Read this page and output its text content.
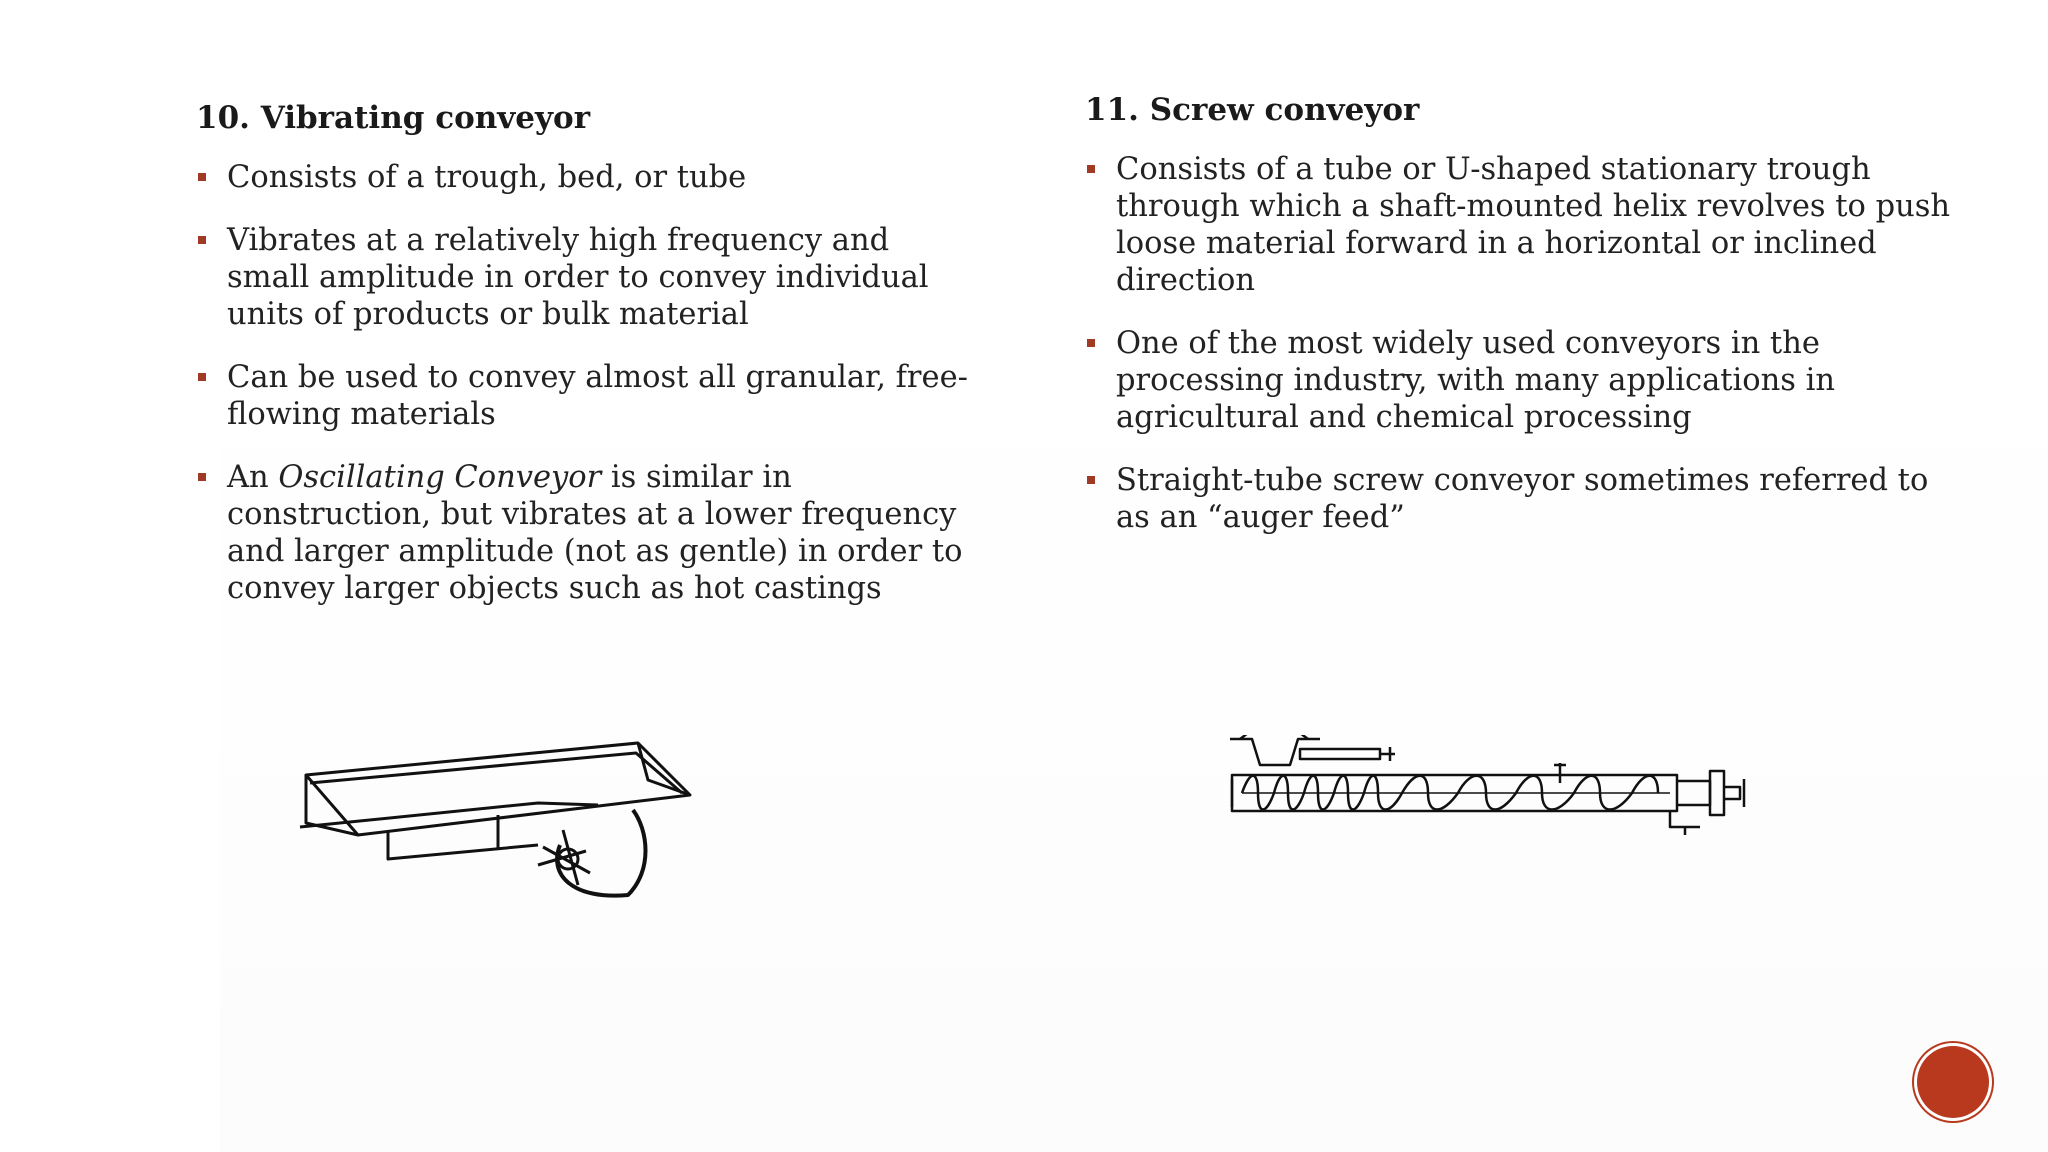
10. Vibrating conveyor
Consists of a trough, bed, or tube
Vibrates at a relatively high frequency and small amplitude in order to convey individual units of products or bulk material
Can be used to convey almost all granular, free-flowing materials
An Oscillating Conveyor is similar in construction, but vibrates at a lower frequency and larger amplitude (not as gentle) in order to convey larger objects such as hot castings
11. Screw conveyor
Consists of a tube or U-shaped stationary trough through which a shaft-mounted helix revolves to push loose material forward in a horizontal or inclined direction
One of the most widely used conveyors in the processing industry, with many applications in agricultural and chemical processing
Straight-tube screw conveyor sometimes referred to as an “auger feed”
